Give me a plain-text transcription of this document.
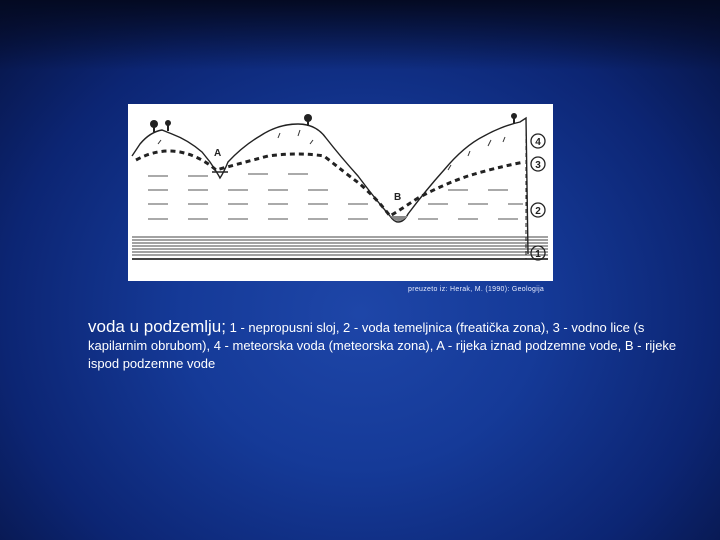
A
B
4
3
2
1
preuzeto iz: Herak, M. (1990): Geologija
voda u podzemlju; 1 - nepropusni sloj, 2 - voda temeljnica (freatička zona), 3 - vodno lice (s kapilarnim obrubom), 4 - meteorska voda (meteorska zona), A - rijeka iznad podzemne vode, B - rijeke ispod podzemne vode
